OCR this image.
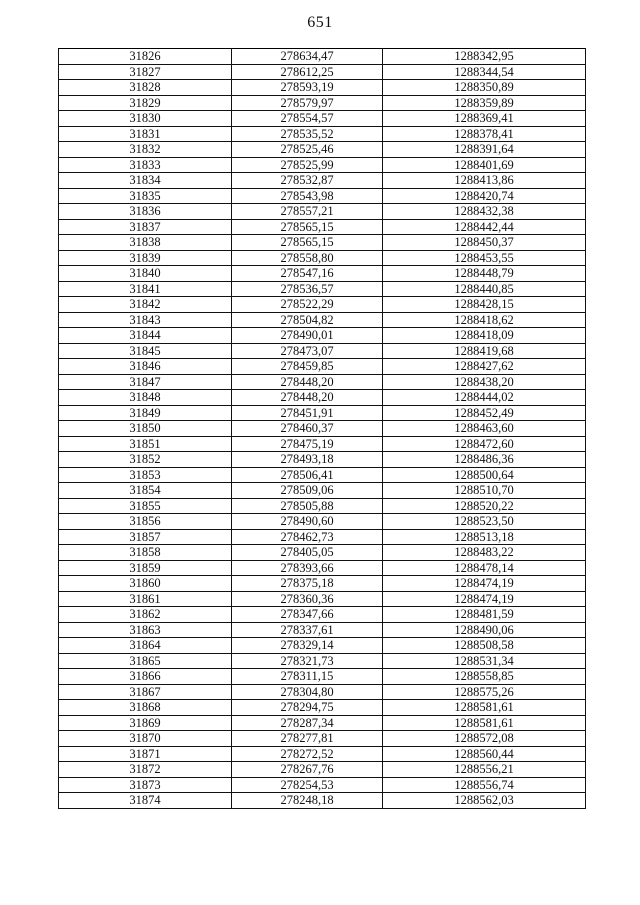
651
31826	278634,47	1288342,95
31827	278612,25	1288344,54
31828	278593,19	1288350,89
31829	278579,97	1288359,89
31830	278554,57	1288369,41
31831	278535,52	1288378,41
31832	278525,46	1288391,64
31833	278525,99	1288401,69
31834	278532,87	1288413,86
31835	278543,98	1288420,74
31836	278557,21	1288432,38
31837	278565,15	1288442,44
31838	278565,15	1288450,37
31839	278558,80	1288453,55
31840	278547,16	1288448,79
31841	278536,57	1288440,85
31842	278522,29	1288428,15
31843	278504,82	1288418,62
31844	278490,01	1288418,09
31845	278473,07	1288419,68
31846	278459,85	1288427,62
31847	278448,20	1288438,20
31848	278448,20	1288444,02
31849	278451,91	1288452,49
31850	278460,37	1288463,60
31851	278475,19	1288472,60
31852	278493,18	1288486,36
31853	278506,41	1288500,64
31854	278509,06	1288510,70
31855	278505,88	1288520,22
31856	278490,60	1288523,50
31857	278462,73	1288513,18
31858	278405,05	1288483,22
31859	278393,66	1288478,14
31860	278375,18	1288474,19
31861	278360,36	1288474,19
31862	278347,66	1288481,59
31863	278337,61	1288490,06
31864	278329,14	1288508,58
31865	278321,73	1288531,34
31866	278311,15	1288558,85
31867	278304,80	1288575,26
31868	278294,75	1288581,61
31869	278287,34	1288581,61
31870	278277,81	1288572,08
31871	278272,52	1288560,44
31872	278267,76	1288556,21
31873	278254,53	1288556,74
31874	278248,18	1288562,03
